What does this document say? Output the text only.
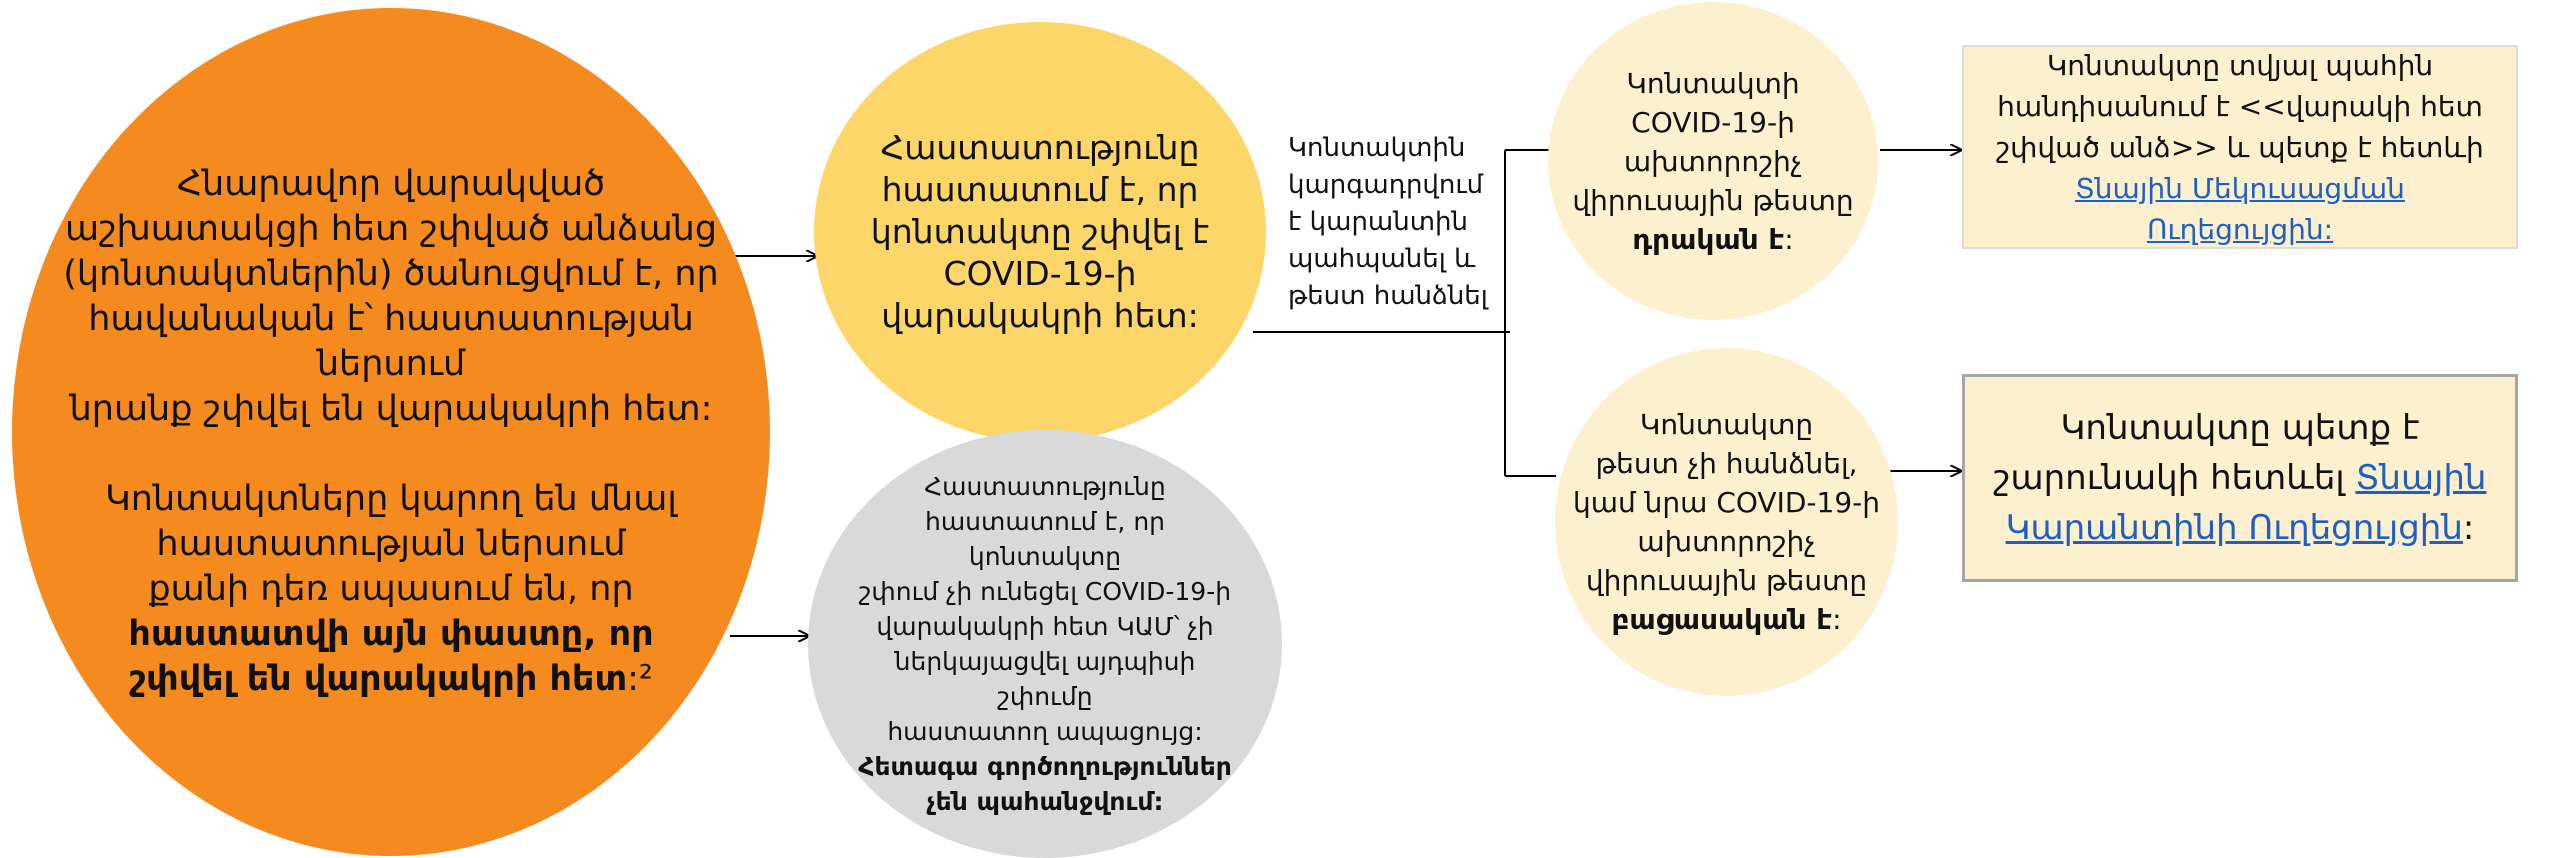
Հնարավոր վարակված
աշխատակցի հետ շփված անձանց
(կոնտակտներին) ծանուցվում է, որ
հավանական է՝ հաստատության ներսում
նրանք շփվել են վարակակրի հետ:
Կոնտակտները կարող են մնալ
հաստատության ներսում
քանի դեռ սպասում են, որ
հաստատվի այն փաստը, որ
շփվել են վարակակրի հետ:²
Հաստատությունը
հաստատում է, որ
կոնտակտը շփվել է
COVID-19-ի
վարակակրի հետ:
Հաստատությունը
հաստատում է, որ
կոնտակտը
շփում չի ունեցել COVID-19-ի
վարակակրի հետ ԿԱՄ՝ չի
ներկայացվել այդպիսի շփումը
հաստատող ապացույց:
Հետագա գործողություններ
չեն պահանջվում:
Կոնտակտին
կարգադրվում
է կարանտին
պահպանել և
թեստ հանձնել
Կոնտակտի
COVID-19-ի
ախտորոշիչ
վիրուսային թեստը
դրական է:
Կոնտակտը
թեստ չի հանձնել,
կամ նրա COVID-19-ի
ախտորոշիչ
վիրուսային թեստը
բացասական է:
Կոնտակտը տվյալ պահին
հանդիսանում է <<վարակի հետ
շփված անձ>> և պետք է հետևի
Տնային Մեկուսացման
Ուղեցույցին:
Կոնտակտը պետք է
շարունակի հետևել Տնային
Կարանտինի Ուղեցույցին:
